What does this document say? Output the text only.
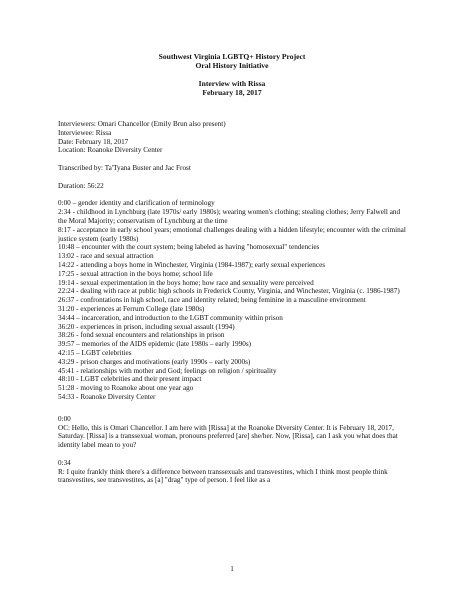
Southwest Virginia LGBTQ+ History Project
Oral History Initiative
Interview with Rissa
February 18, 2017
Interviewers: Omari Chancellor (Emily Brun also present)
Interviewee: Rissa
Date: February 18, 2017
Location: Roanoke Diversity Center
Transcribed by: Ta'Tyana Buster and Jac Frost
Duration: 56:22
0:00 – gender identity and clarification of terminology
2:34 - childhood in Lynchburg (late 1970s/ early 1980s); wearing women's clothing; stealing clothes; Jerry Falwell and the Moral Majority; conservatism of Lynchburg at the time
8:17 - acceptance in early school years; emotional challenges dealing with a hidden lifestyle; encounter with the criminal justice system (early 1980s)
10:48 – encounter with the court system; being labeled as having "homosexual" tendencies
13:02 - race and sexual attraction
14:22 - attending a boys home in Winchester, Virginia (1984-1987); early sexual experiences
17:25 - sexual attraction in the boys home; school life
19:14 - sexual experimentation in the boys home; how race and sexuality were perceived
22:24 - dealing with race at public high schools in Frederick County, Virginia, and Winchester, Virginia (c. 1986-1987)
26:37 - confrontations in high school, race and identity related; being feminine in a masculine environment
31:20 - experiences at Ferrum College (late 1980s)
34:44 – incarceration, and introduction to the LGBT community within prison
36:20 - experiences in prison, including sexual assault (1994)
38:26 - fond sexual encounters and relationships in prison
39:57 – memories of the AIDS epidemic (late 1980s – early 1990s)
42:15 – LGBT celebrities
43:29 - prison charges and motivations (early 1990s – early 2000s)
45:41 - relationships with mother and God; feelings on religion / spirituality
48:10 - LGBT celebrities and their present impact
51:28 - moving to Roanoke about one year ago
54:33 - Roanoke Diversity Center
0:00
OC: Hello, this is Omari Chancellor. I am here with [Rissa] at the Roanoke Diversity Center. It is February 18, 2017, Saturday. [Rissa] is a transsexual woman, pronouns preferred [are] she/her. Now, [Rissa], can I ask you what does that identity label mean to you?
0:34
R: I quite frankly think there's a difference between transsexuals and transvestites, which I think most people think transvestites, see transvestites, as [a] "drag" type of person. I feel like as a
1
